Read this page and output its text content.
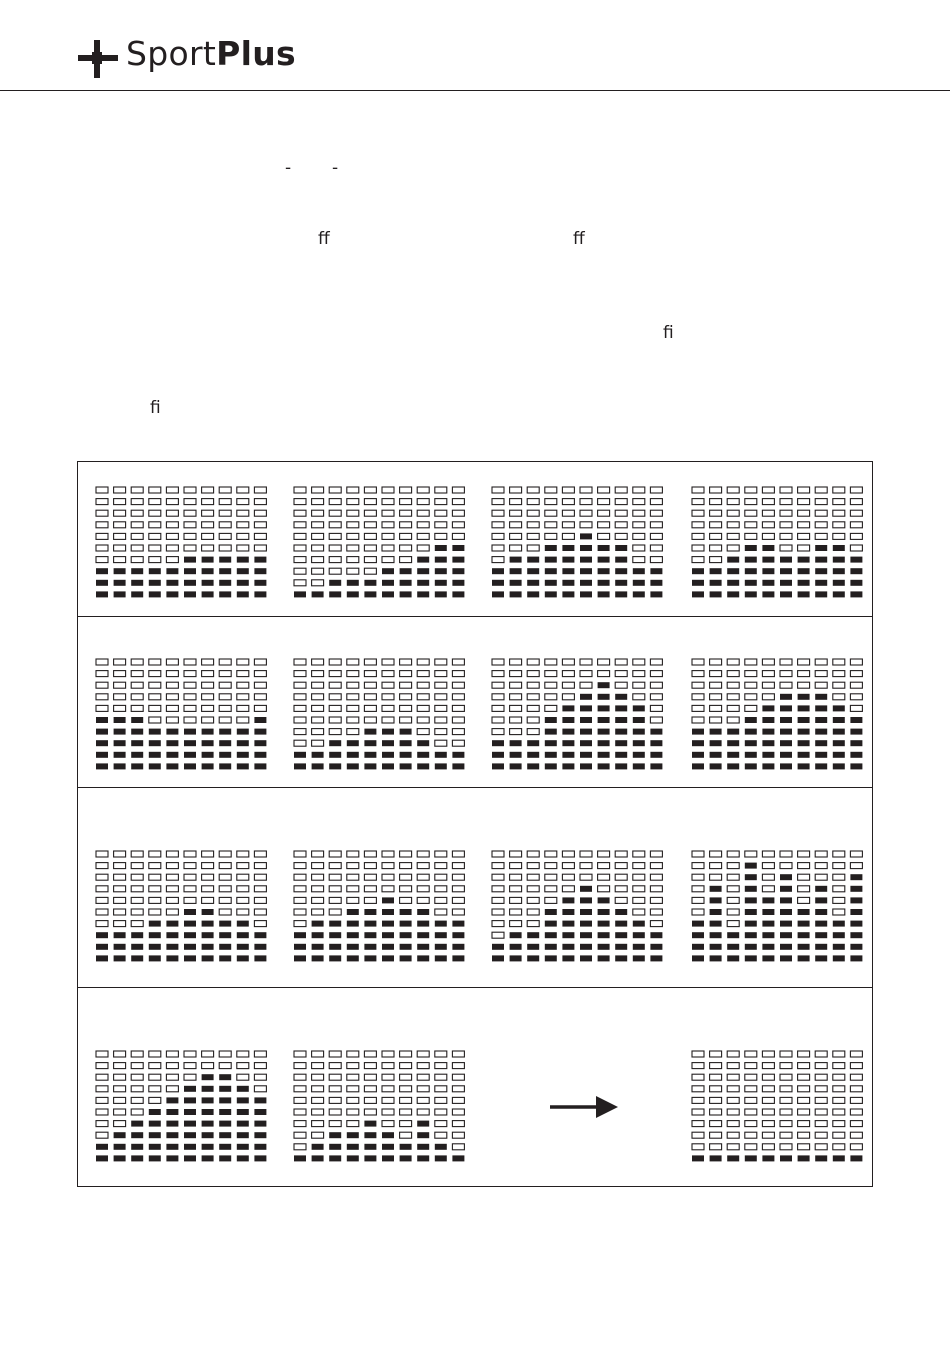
SportPlus
- -
ff	ff
fi
fi
